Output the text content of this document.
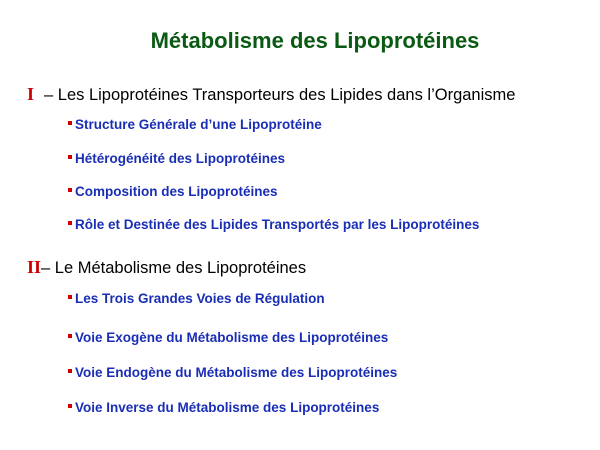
Métabolisme des Lipoprotéines
I – Les Lipoprotéines Transporteurs des Lipides dans l’Organisme
Structure Générale d’une Lipoprotéine
Hétérogénéité des Lipoprotéines
Composition des Lipoprotéines
Rôle et Destinée des Lipides Transportés par les Lipoprotéines
II– Le Métabolisme des Lipoprotéines
Les Trois Grandes Voies de Régulation
Voie Exogène du Métabolisme des Lipoprotéines
Voie Endogène du Métabolisme des Lipoprotéines
Voie Inverse du Métabolisme des Lipoprotéines
